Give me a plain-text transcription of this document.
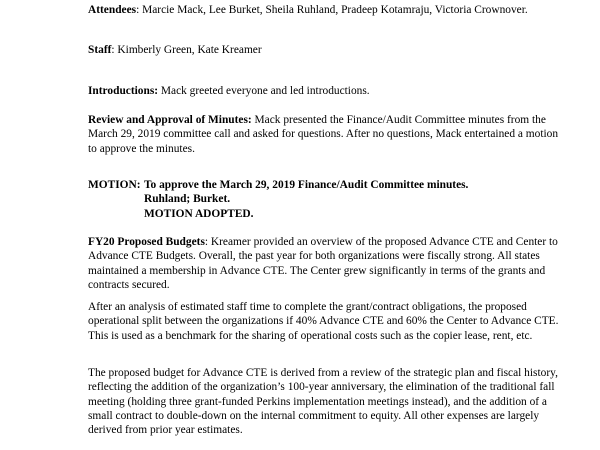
Attendees: Marcie Mack, Lee Burket, Sheila Ruhland, Pradeep Kotamraju, Victoria Crownover.

Staff: Kimberly Green, Kate Kreamer

Introductions: Mack greeted everyone and led introductions.

Review and Approval of Minutes: Mack presented the Finance/Audit Committee minutes from the March 29, 2019 committee call and asked for questions. After no questions, Mack entertained a motion to approve the minutes.

MOTION: To approve the March 29, 2019 Finance/Audit Committee minutes.
Ruhland; Burket.
MOTION ADOPTED.

FY20 Proposed Budgets: Kreamer provided an overview of the proposed Advance CTE and Center to Advance CTE Budgets. Overall, the past year for both organizations were fiscally strong. All states maintained a membership in Advance CTE. The Center grew significantly in terms of the grants and contracts secured.

After an analysis of estimated staff time to complete the grant/contract obligations, the proposed operational split between the organizations if 40% Advance CTE and 60% the Center to Advance CTE. This is used as a benchmark for the sharing of operational costs such as the copier lease, rent, etc.

The proposed budget for Advance CTE is derived from a review of the strategic plan and fiscal history, reflecting the addition of the organization’s 100-year anniversary, the elimination of the traditional fall meeting (holding three grant-funded Perkins implementation meetings instead), and the addition of a small contract to double-down on the internal commitment to equity. All other expenses are largely derived from prior year estimates.
